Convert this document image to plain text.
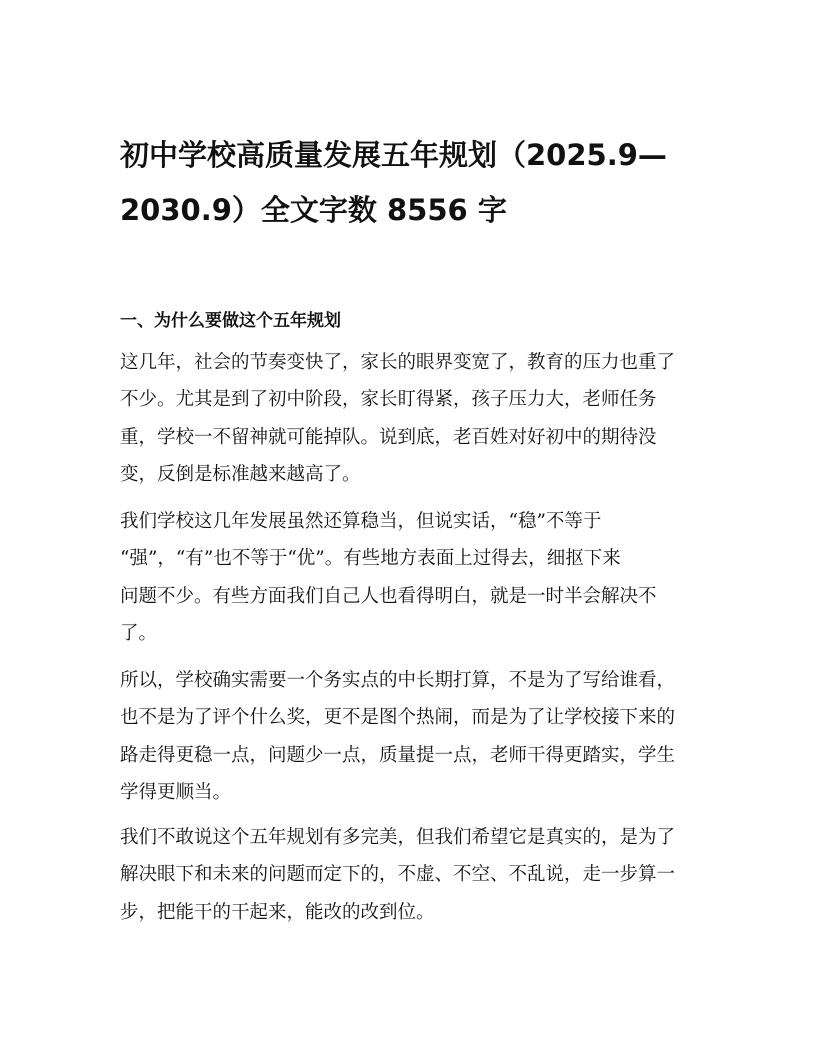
初中学校高质量发展五年规划（2025.9—
2030.9）全文字数 8556 字
一、为什么要做这个五年规划
这几年，社会的节奏变快了，家长的眼界变宽了，教育的压力也重了
不少。尤其是到了初中阶段，家长盯得紧，孩子压力大，老师任务
重，学校一不留神就可能掉队。说到底，老百姓对好初中的期待没
变，反倒是标准越来越高了。
我们学校这几年发展虽然还算稳当，但说实话，“稳”不等于
“强”，“有”也不等于“优”。有些地方表面上过得去，细抠下来
问题不少。有些方面我们自己人也看得明白，就是一时半会解决不
了。
所以，学校确实需要一个务实点的中长期打算，不是为了写给谁看，
也不是为了评个什么奖，更不是图个热闹，而是为了让学校接下来的
路走得更稳一点，问题少一点，质量提一点，老师干得更踏实，学生
学得更顺当。
我们不敢说这个五年规划有多完美，但我们希望它是真实的，是为了
解决眼下和未来的问题而定下的，不虚、不空、不乱说，走一步算一
步，把能干的干起来，能改的改到位。
